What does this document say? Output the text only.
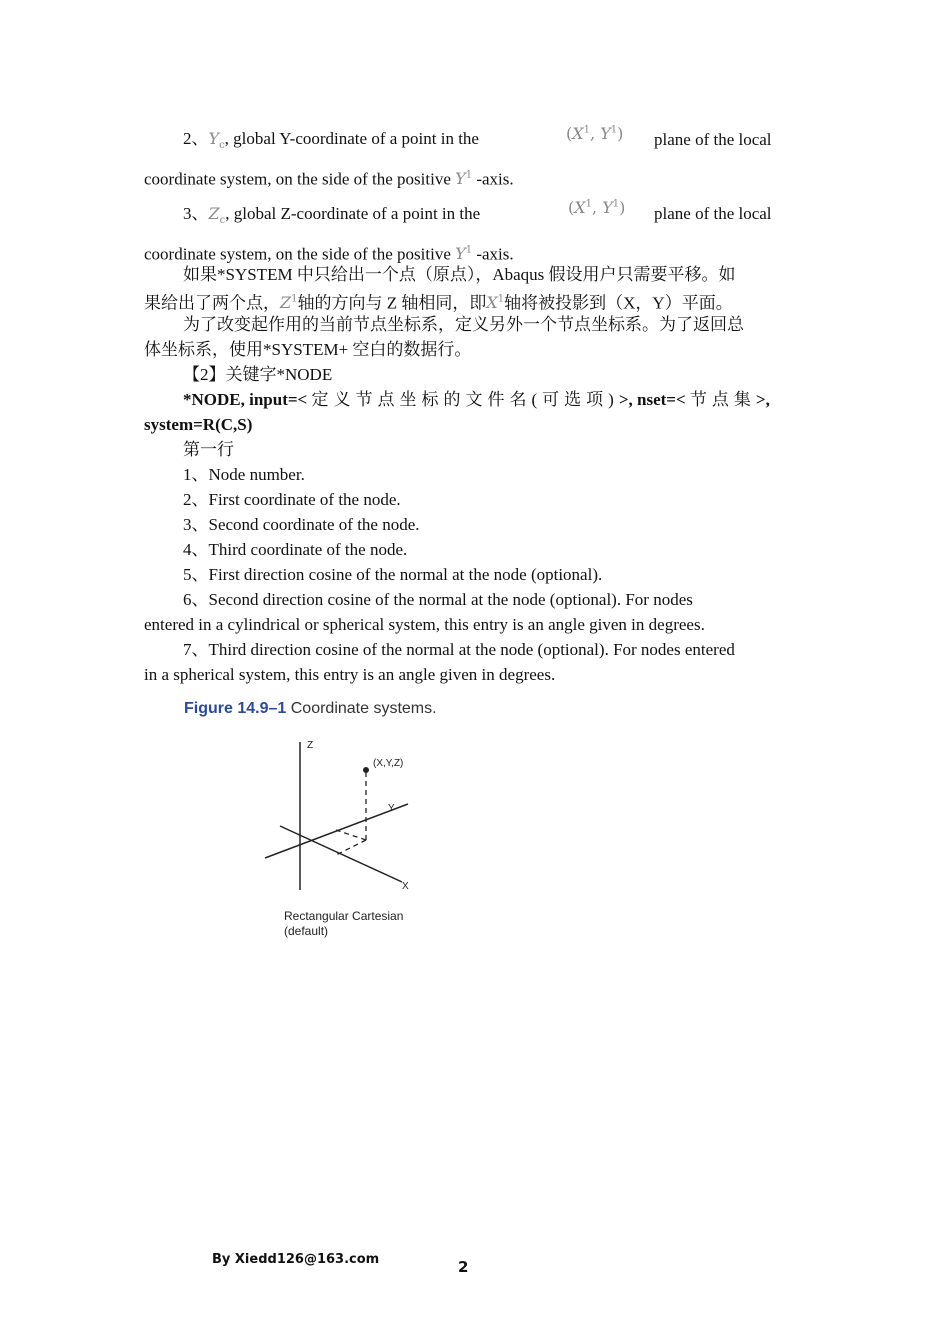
2、$Y_c$, global Y-coordinate of a point in the	($X^1$, $Y^1$) plane of the local
coordinate system, on the side of the positive $Y^1$ -axis.
3、$Z_c$, global Z-coordinate of a point in the	($X^1$, $Y^1$) plane of the local
coordinate system, on the side of the positive $Y^1$ -axis.
如果*SYSTEM 中只给出一个点（原点），Abaqus 假设用户只需要平移。如
果给出了两个点，$Z^1$轴的方向与 Z 轴相同，即$X^1$轴将被投影到（X，Y）平面。
为了改变起作用的当前节点坐标系，定义另外一个节点坐标系。为了返回总
体坐标系，使用*SYSTEM+ 空白的数据行。
【2】关键字*NODE
*NODE, input=< 定义节点坐标的文件名(可选项)>, nset=< 节点集>,
system=R(C,S)
第一行
1、Node number.
2、First coordinate of the node.
3、Second coordinate of the node.
4、Third coordinate of the node.
5、First direction cosine of the normal at the node (optional).
6、Second direction cosine of the normal at the node (optional). For nodes
entered in a cylindrical or spherical system, this entry is an angle given in degrees.
7、Third direction cosine of the normal at the node (optional). For nodes entered
in a spherical system, this entry is an angle given in degrees.
Figure 14.9–1 Coordinate systems.
Z
(X,Y,Z)
Y
X
Rectangular Cartesian
(default)
By Xiedd126@163.com	2
